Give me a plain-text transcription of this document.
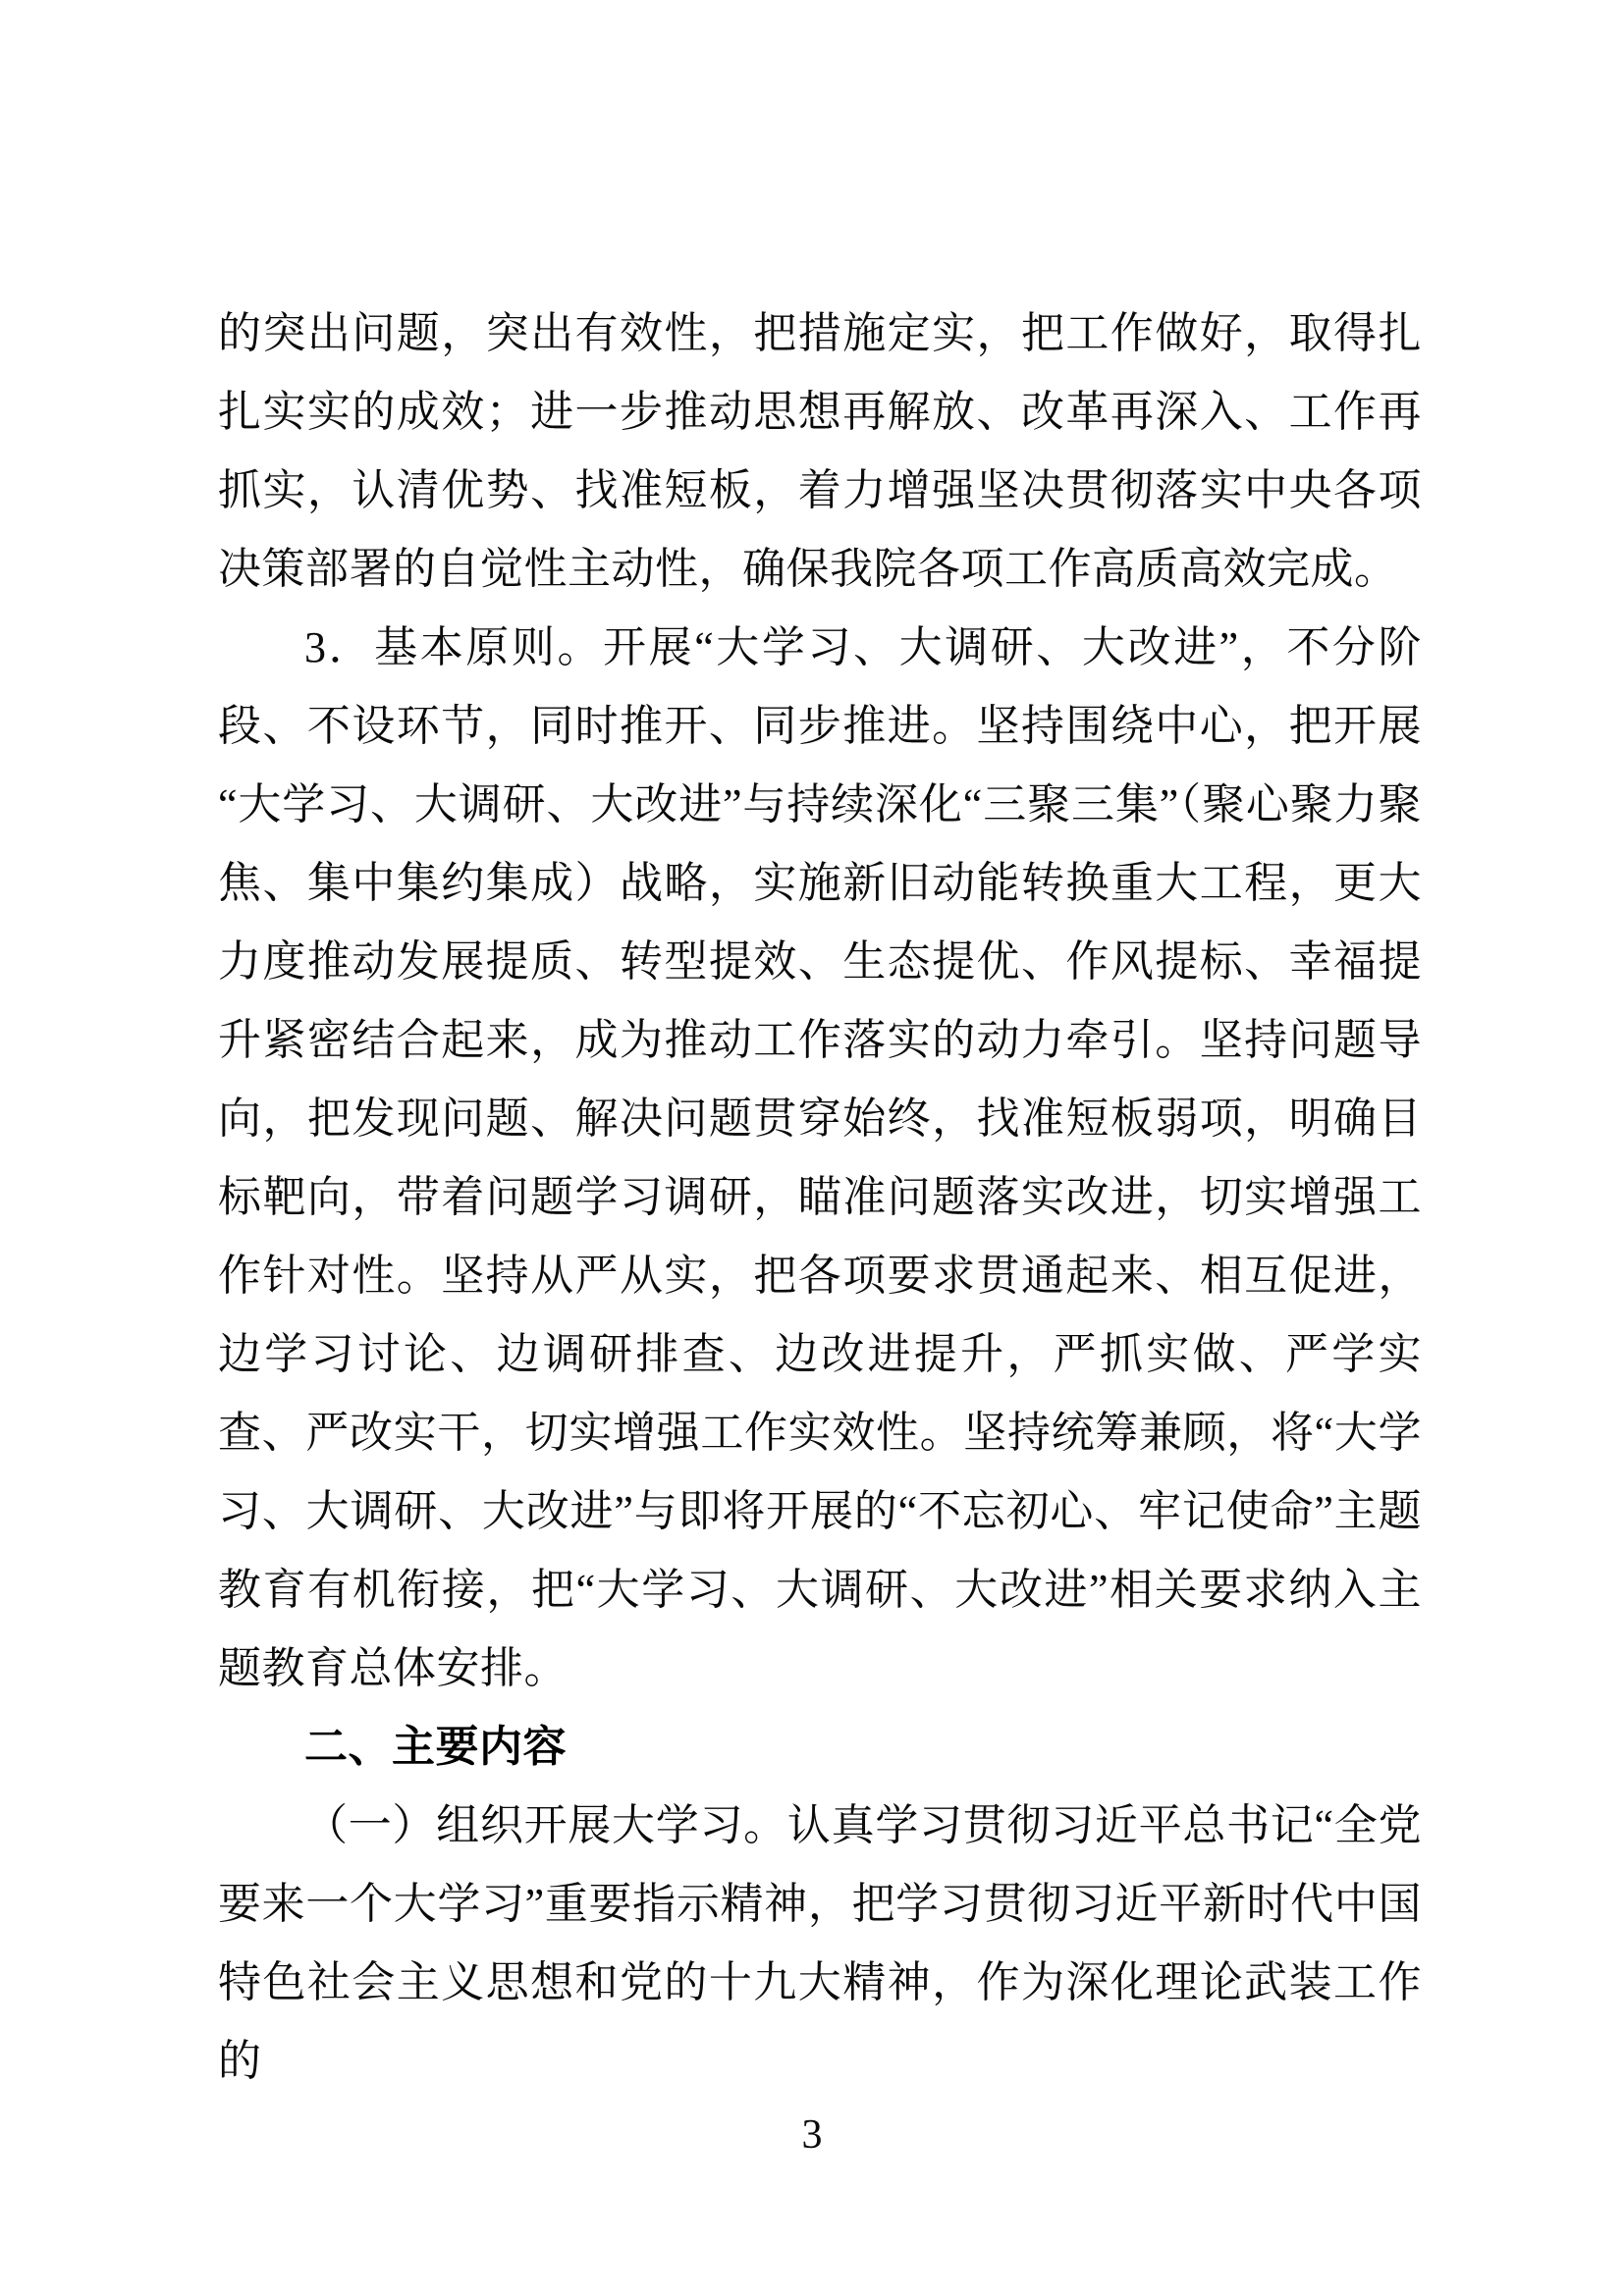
的突出问题，突出有效性，把措施定实，把工作做好，取得扎扎实实的成效；进一步推动思想再解放、改革再深入、工作再抓实，认清优势、找准短板，着力增强坚决贯彻落实中央各项决策部署的自觉性主动性，确保我院各项工作高质高效完成。

3．基本原则。开展“大学习、大调研、大改进”，不分阶段、不设环节，同时推开、同步推进。坚持围绕中心，把开展“大学习、大调研、大改进”与持续深化“三聚三集”（聚心聚力聚焦、集中集约集成）战略，实施新旧动能转换重大工程，更大力度推动发展提质、转型提效、生态提优、作风提标、幸福提升紧密结合起来，成为推动工作落实的动力牵引。坚持问题导向，把发现问题、解决问题贯穿始终，找准短板弱项，明确目标靶向，带着问题学习调研，瞄准问题落实改进，切实增强工作针对性。坚持从严从实，把各项要求贯通起来、相互促进，边学习讨论、边调研排查、边改进提升，严抓实做、严学实查、严改实干，切实增强工作实效性。坚持统筹兼顾，将“大学习、大调研、大改进”与即将开展的“不忘初心、牢记使命”主题教育有机衔接，把“大学习、大调研、大改进”相关要求纳入主题教育总体安排。

二、主要内容

（一）组织开展大学习。认真学习贯彻习近平总书记“全党要来一个大学习”重要指示精神，把学习贯彻习近平新时代中国特色社会主义思想和党的十九大精神，作为深化理论武装工作的

3
